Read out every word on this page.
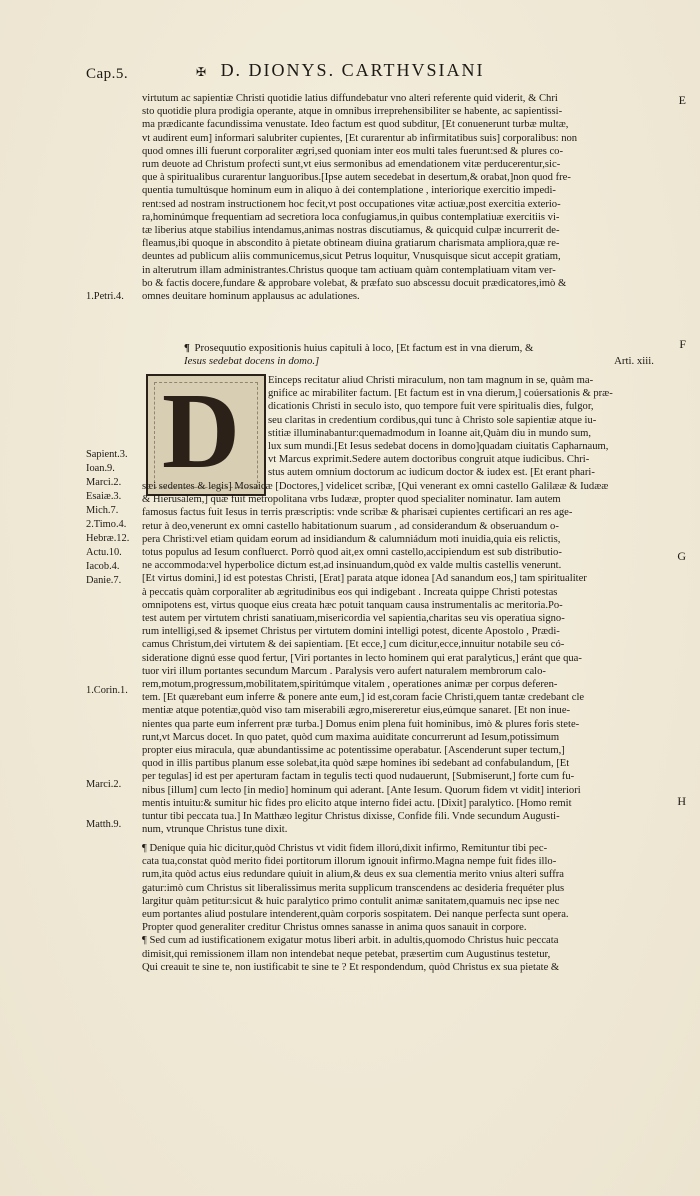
Cap.5.	✠ D. DIONYS. CARTHVSIANI
E
F
G
H
1.Petri.4.
Sapient.3.
Ioan.9.
Marci.2.
Esaiæ.3.
Mich.7.
2.Timo.4.
Hebræ.12.
Actu.10.
Iacob.4.
Danie.7.
1.Corin.1.
Marci.2.
Matth.9.

virtutum ac sapientiæ Christi quotidie latius diffundebatur vno alteri referente quid viderit, & Chri

sto quotidie plura prodigia operante, atque in omnibus irreprehensibiliter se habente, ac sapientissi-

ma prædicante facundissima venustate. Ideo factum est quod subditur, [Et conuenerunt turbæ multæ,

vt audirent eum] informari salubriter cupientes, [Et curarentur ab infirmitatibus suis] corporalibus: non

quod omnes illi fuerunt corporaliter ægri,sed quoniam inter eos multi tales fuerunt:sed & plures co-

rum deuote ad Christum profecti sunt,vt eius sermonibus ad emendationem vitæ perducerentur,sic-

que à spiritualibus curarentur languoribus.[Ipse autem secedebat in desertum,& orabat,]non quod fre-

quentia tumultúsque hominum eum in aliquo à dei contemplatione , interiorique exercitio impedi-

rent:sed ad nostram instructionem hoc fecit,vt post occupationes vitæ actiuæ,post exercitia exterio-

ra,hominúmque frequentiam ad secretiora loca confugiamus,in quibus contemplatiuæ exercitiis vi-

tæ liberius atque stabilius intendamus,animas nostras discutiamus, & quicquid culpæ incurrerit de-

fleamus,ibi quoque in abscondito à pietate obtineam diuina gratiarum charismata ampliora,quæ re-

deuntes ad publicum aliis communicemus,sicut Petrus loquitur, Vnusquisque sicut accepit gratiam,

in alterutrum illam administrantes.Christus quoque tam actiuam quàm contemplatiuam vitam ver-

bo & factis docere,fundare & approbare volebat, & præfato suo abscessu docuit prædicatores,imò &

omnes deuitare hominum applausus ac adulationes.

¶ Prosequutio expositionis huius capituli à loco, [Et factum est in vna dierum, &
Iesus sedebat docens in domo.]	Arti. xiii.
D	Einceps recitatur aliud Christi miraculum, non tam magnum in se, quàm ma-

gnifice ac mirabiliter factum. [Et factum est in vna dierum,] coúersationis & præ-

dicationis Christi in seculo isto, quo tempore fuit vere spiritualis dies, fulgor,

seu claritas in credentium cordibus,qui tunc à Christo sole sapientiæ atque iu-

stitiæ illuminabantur:quemadmodum in Ioanne ait,Quàm diu in mundo sum,

lux sum mundi.[Et Iesus sedebat docens in domo]quadam ciuitatis Capharnaum,

vt Marcus exprimit.Sedere autem doctoribus congruit atque iudicibus. Chri-

stus autem omnium doctorum ac iudicum doctor & iudex est. [Et erant phari-

sæi sedentes & legis] Mosaicæ [Doctores,] videlicet scribæ, [Qui venerant ex omni castello Galilææ & Iudææ

& Hierusalem,] quæ fuit metropolitana vrbs Iudææ, propter quod specialiter nominatur. Iam autem

famosus factus fuit Iesus in terris præscriptis: vnde scribæ & pharisæi cupientes certificari an res age-

retur à deo,venerunt ex omni castello habitationum suarum , ad considerandum & obseruandum o-

pera Christi:vel etiam quidam eorum ad insidiandum & calumniádum moti inuidia,quia eis relictis,

totus populus ad Iesum confluerct. Porrò quod ait,ex omni castello,accipiendum est sub distributio-

ne accommoda:vel hyperbolice dictum est,ad insinuandum,quòd ex valde multis castellis venerunt.

[Et virtus domini,] id est potestas Christi, [Erat] parata atque idonea [Ad sanandum eos,] tam spiritualiter

à peccatis quàm corporaliter ab ægritudinibus eos qui indigebant . Increata quippe Christi potestas

omnipotens est, virtus quoque eius creata hæc potuit tanquam causa instrumentalis ac meritoria.Po-

test autem per virtutem christi sanatiuam,misericordia vel sapientia,charitas seu vis operatiua signo-

rum intelligi,sed & ipsemet Christus per virtutem domini intelligi potest, dicente Apostolo , Prædi-

camus Christum,dei virtutem & dei sapientiam. [Et ecce,] cum dicitur,ecce,innuitur notabile seu có-

sideratione dignú esse quod fertur, [Viri portantes in lecto hominem qui erat paralyticus,] eránt que qua-

tuor viri illum portantes secundum Marcum . Paralysis vero aufert naturalem membrorum calo-

rem,motum,progressum,mobilitatem,spiritúmque vitalem , operationes animæ per corpus deferen-

tem. [Et quærebant eum inferre & ponere ante eum,] id est,coram facie Christi,quem tantæ credebant cle

mentiæ atque potentiæ,quòd viso tam miserabili ægro,misereretur eius,eúmque sanaret. [Et non inue-

nientes qua parte eum inferrent præ turba.] Domus enim plena fuit hominibus, imò & plures foris stete-

runt,vt Marcus docet. In quo patet, quòd cum maxima auiditate concurrerunt ad Iesum,potissimum

propter eius miracula, quæ abundantissime ac potentissime operabatur. [Ascenderunt super tectum,]

quod in illis partibus planum esse solebat,ita quòd sæpe homines ibi sedebant ad confabulandum, [Et

per tegulas] id est per aperturam factam in tegulis tecti quod nudauerunt, [Submiserunt,] forte cum fu-

nibus [illum] cum lecto [in medio] hominum qui aderant. [Ante Iesum. Quorum fidem vt vidit] interiori

mentis intuitu:& sumitur hic fides pro elicito atque interno fidei actu. [Dixit] paralytico. [Homo remit

tuntur tibi peccata tua.] In Matthæo legitur Christus dixisse, Confide fili. Vnde secundum Augusti-

num, vtrunque Christus tune dixit.

¶ Denique quia hic dicitur,quòd Christus vt vidit fidem illorú,dixit infirmo, Remituntur tibi pec-

cata tua,constat quòd merito fidei portitorum illorum ignouit infirmo.Magna nempe fuit fides illo-

rum,ita quòd actus eius redundare quiuit in alium,& deus ex sua clementia merito vnius alteri suffra

gatur:imò cum Christus sit liberalissimus merita supplicum transcendens ac desideria frequéter plus

largitur quàm petitur:sicut & huic paralytico primo contulit animæ sanitatem,quamuis nec ipse nec

eum portantes aliud postulare intenderent,quàm corporis sospitatem. Dei nanque perfecta sunt opera.

Propter quod generaliter creditur Christus omnes sanasse in anima quos sanauit in corpore.

¶ Sed cum ad iustificationem exigatur motus liberi arbit. in adultis,quomodo Christus huic peccata

dimisit,qui remissionem illam non intendebat neque petebat, præsertim cum Augustinus testetur,

Qui creauit te sine te, non iustificabit te sine te ? Et respondendum, quòd Christus ex sua pietate &
